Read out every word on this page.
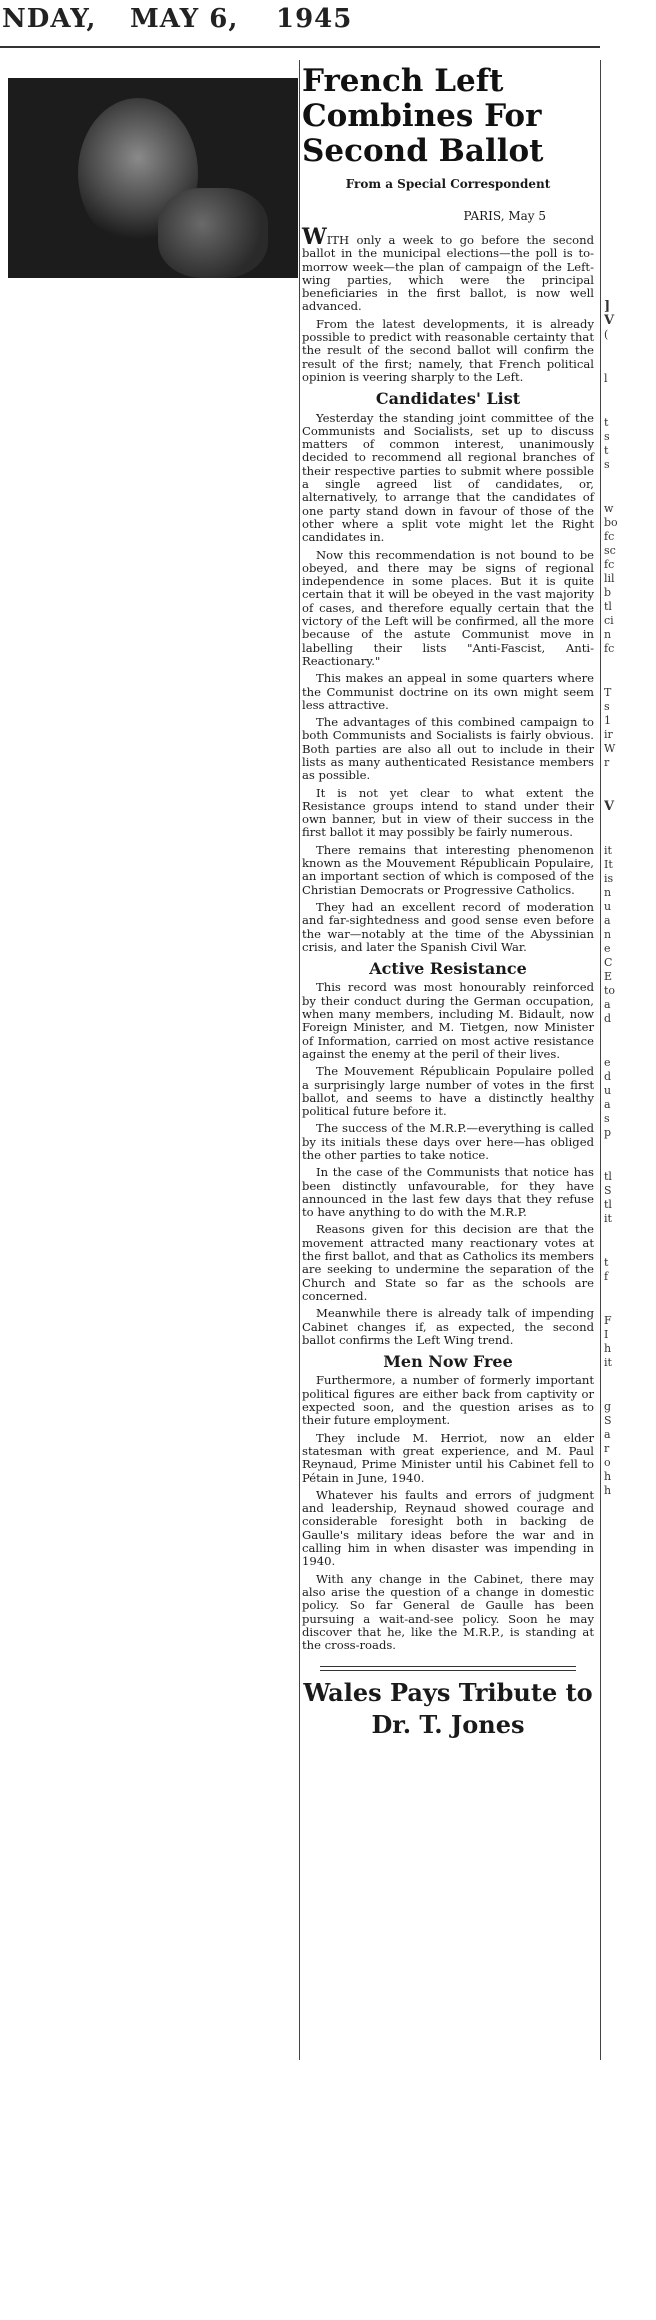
NDAY, MAY 6, 1945
French Left Combines For Second Ballot
From a Special Correspondent
PARIS, May 5

WITH only a week to go before the second ballot in the municipal elections—the poll is to-morrow week—the plan of campaign of the Left-wing parties, which were the principal beneficiaries in the first ballot, is now well advanced.

From the latest developments, it is already possible to predict with reasonable certainty that the result of the second ballot will confirm the result of the first; namely, that French political opinion is veering sharply to the Left.

Candidates' List

Yesterday the standing joint committee of the Communists and Socialists, set up to discuss matters of common interest, unanimously decided to recommend all regional branches of their respective parties to submit where possible a single agreed list of candidates, or, alternatively, to arrange that the candidates of one party stand down in favour of those of the other where a split vote might let the Right candidates in.

Now this recommendation is not bound to be obeyed, and there may be signs of regional independence in some places. But it is quite certain that it will be obeyed in the vast majority of cases, and therefore equally certain that the victory of the Left will be confirmed, all the more because of the astute Communist move in labelling their lists "Anti-Fascist, Anti-Reactionary."

This makes an appeal in some quarters where the Communist doctrine on its own might seem less attractive.

The advantages of this combined campaign to both Communists and Socialists is fairly obvious. Both parties are also all out to include in their lists as many authenticated Resistance members as possible.

It is not yet clear to what extent the Resistance groups intend to stand under their own banner, but in view of their success in the first ballot it may possibly be fairly numerous.

There remains that interesting phenomenon known as the Mouvement Républicain Populaire, an important section of which is composed of the Christian Democrats or Progressive Catholics.

They had an excellent record of moderation and far-sightedness and good sense even before the war—notably at the time of the Abyssinian crisis, and later the Spanish Civil War.

Active Resistance

This record was most honourably reinforced by their conduct during the German occupation, when many members, including M. Bidault, now Foreign Minister, and M. Tietgen, now Minister of Information, carried on most active resistance against the enemy at the peril of their lives.

The Mouvement Républicain Populaire polled a surprisingly large number of votes in the first ballot, and seems to have a distinctly healthy political future before it.

The success of the M.R.P.—everything is called by its initials these days over here—has obliged the other parties to take notice.

In the case of the Communists that notice has been distinctly unfavourable, for they have announced in the last few days that they refuse to have anything to do with the M.R.P.

Reasons given for this decision are that the movement attracted many reactionary votes at the first ballot, and that as Catholics its members are seeking to undermine the separation of the Church and State so far as the schools are concerned.

Meanwhile there is already talk of impending Cabinet changes if, as expected, the second ballot confirms the Left Wing trend.

Men Now Free

Furthermore, a number of formerly important political figures are either back from captivity or expected soon, and the question arises as to their future employment.

They include M. Herriot, now an elder statesman with great experience, and M. Paul Reynaud, Prime Minister until his Cabinet fell to Pétain in June, 1940.

Whatever his faults and errors of judgment and leadership, Reynaud showed courage and considerable foresight both in backing de Gaulle's military ideas before the war and in calling him in when disaster was impending in 1940.

With any change in the Cabinet, there may also arise the question of a change in domestic policy. So far General de Gaulle has been pursuing a wait-and-see policy. Soon he may discover that he, like the M.R.P., is standing at the cross-roads.

Wales Pays Tribute to Dr. T. Jones
]
V
(
l
t
s
t
s
w
bo
fc
sc
fc
lil
b
tl
ci
n
fc
T
s
1
ir
W
r
V
it
It
is
n
u
a
n
e
C
E
to
a
d
e
d
u
a
s
p
tl
S
tl
it
t
f
F
I
h
it
g
S
a
r
o
h
h
